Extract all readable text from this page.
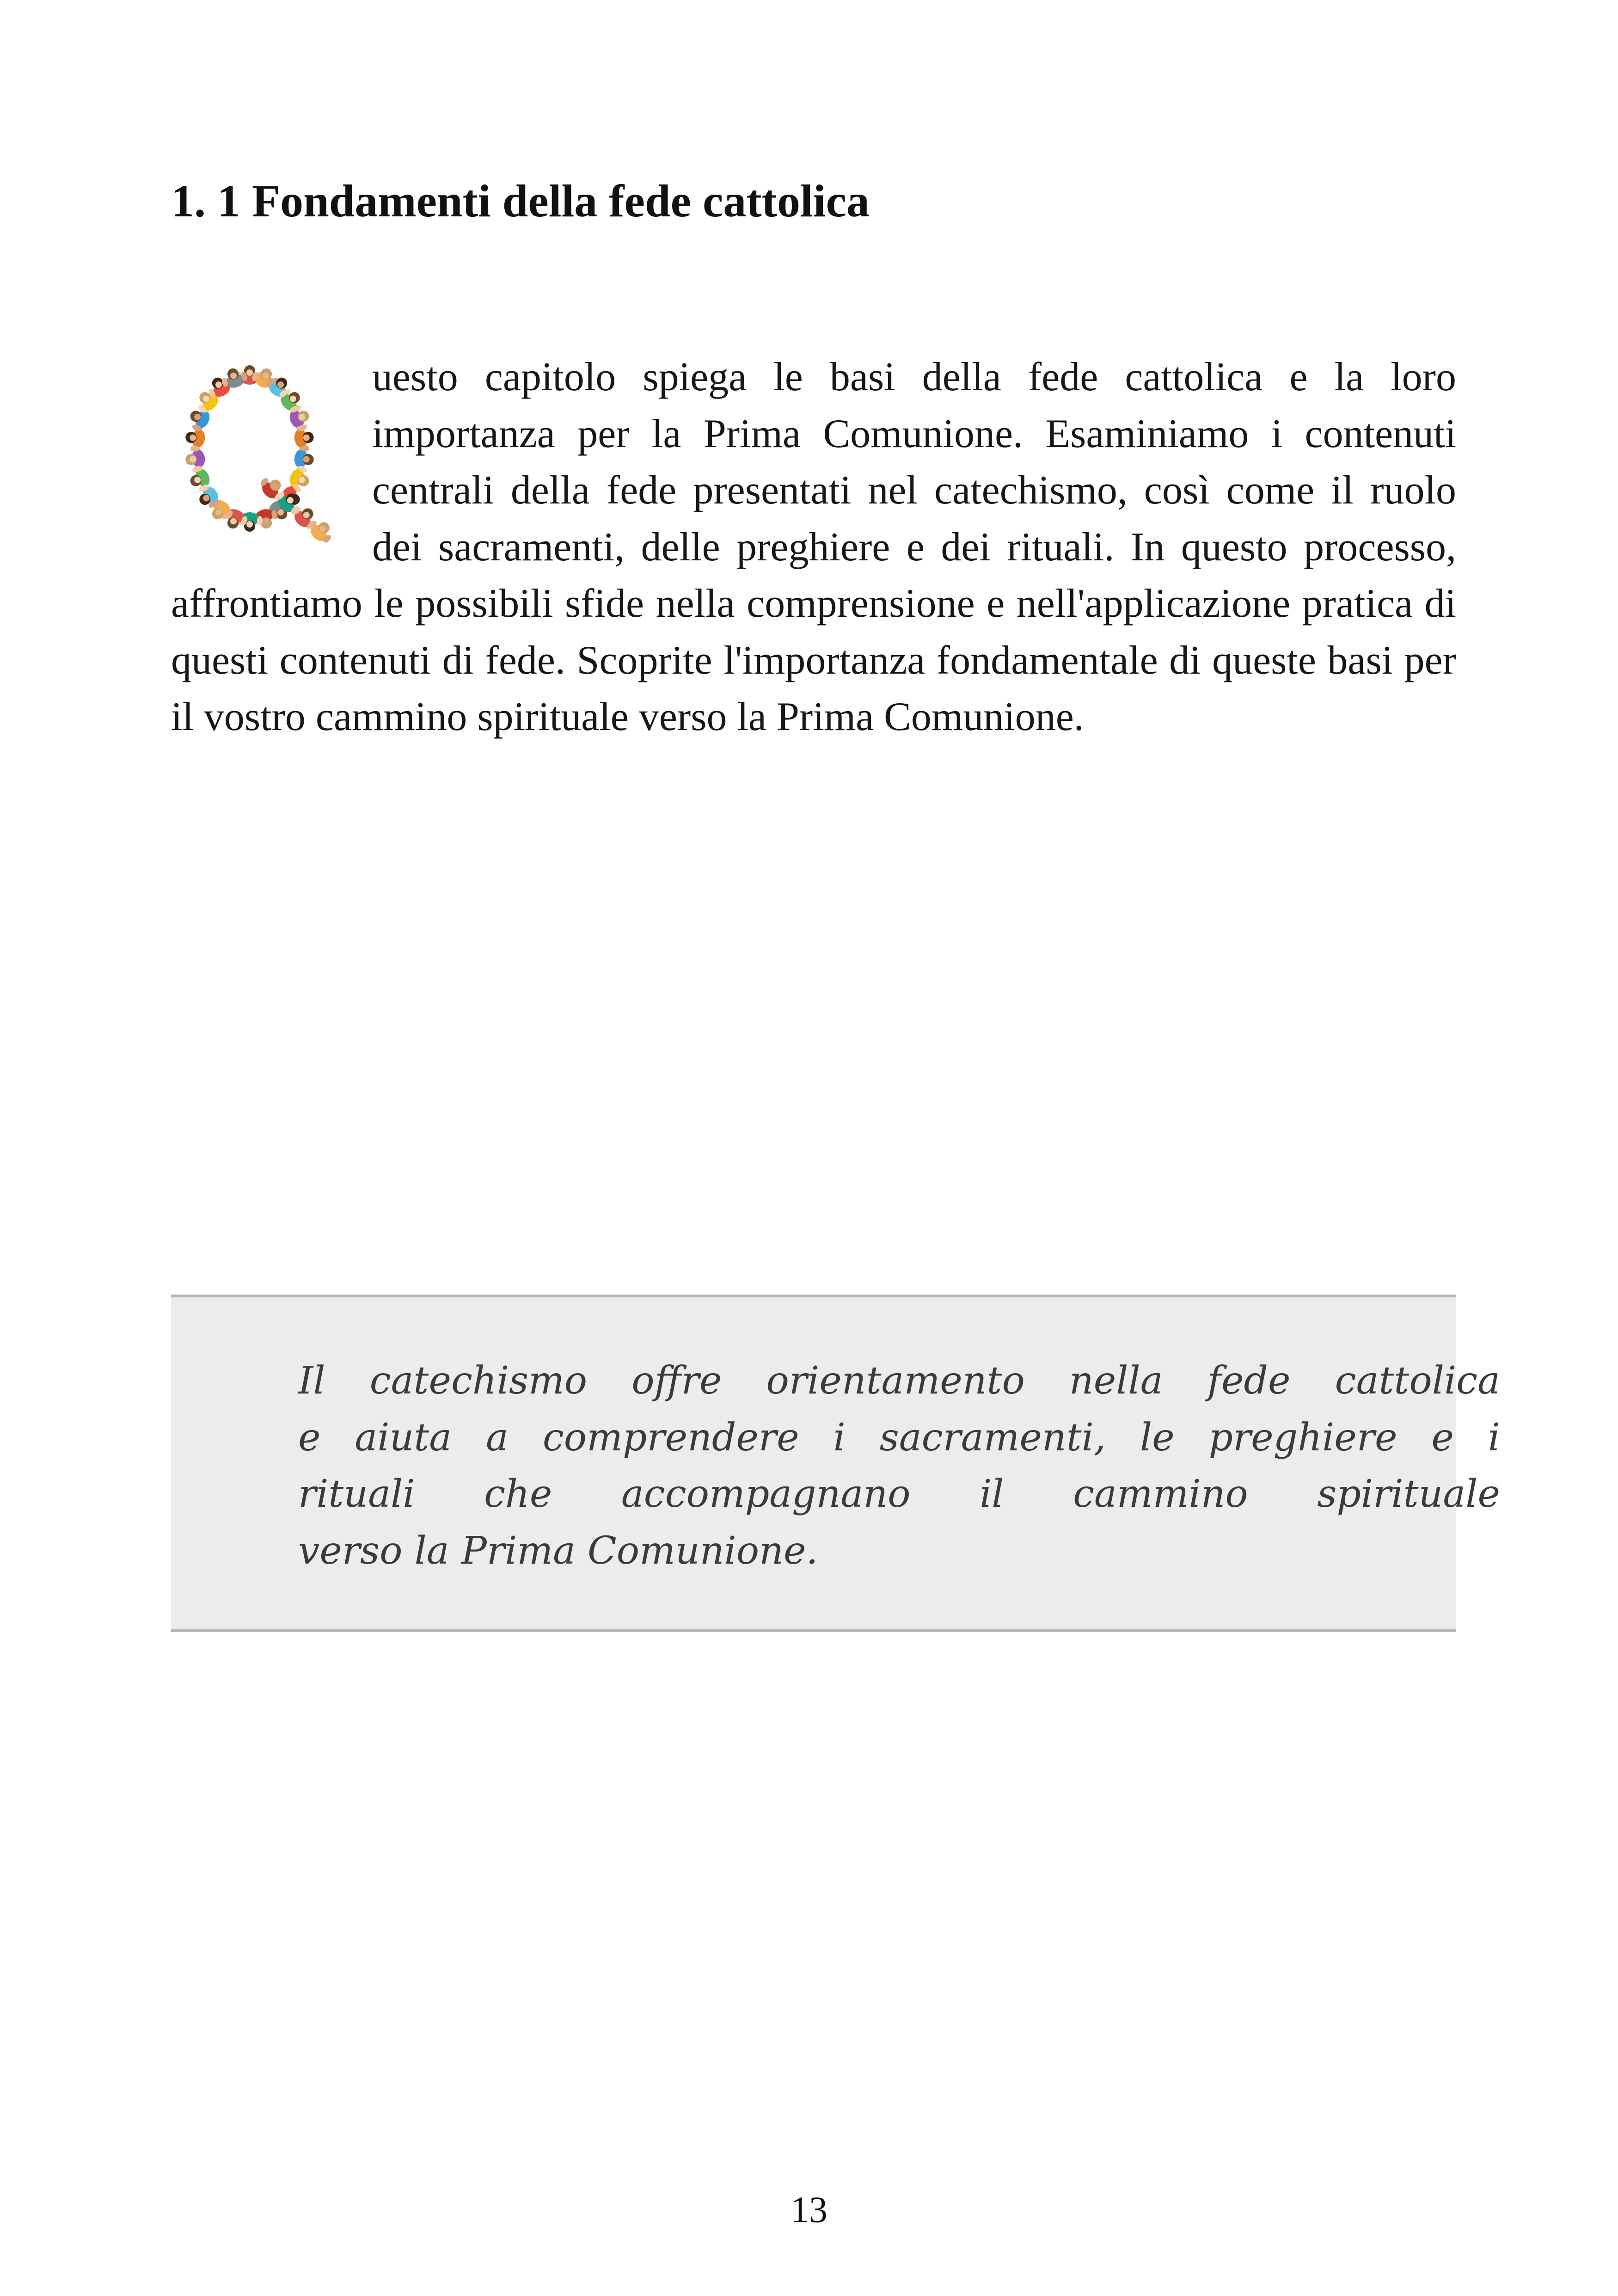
1. 1 Fondamenti della fede cattolica
uesto capitolo spiega le basi della fede cattolica e la loro importanza per la Prima Comunione. Esaminiamo i contenuti centrali della fede presentati nel catechismo, così come il ruolo dei sacramenti, delle preghiere e dei rituali. In questo processo, affrontiamo le possibili sfide nella comprensione e nell'applicazione pratica di questi contenuti di fede. Scoprite l'importanza fondamentale di queste basi per il vostro cammino spirituale verso la Prima Comunione.

Il catechismo offre orientamento nella fede cattolica
e aiuta a comprendere i sacramenti, le preghiere e i
rituali che accompagnano il cammino spirituale
verso la Prima Comunione.

13
